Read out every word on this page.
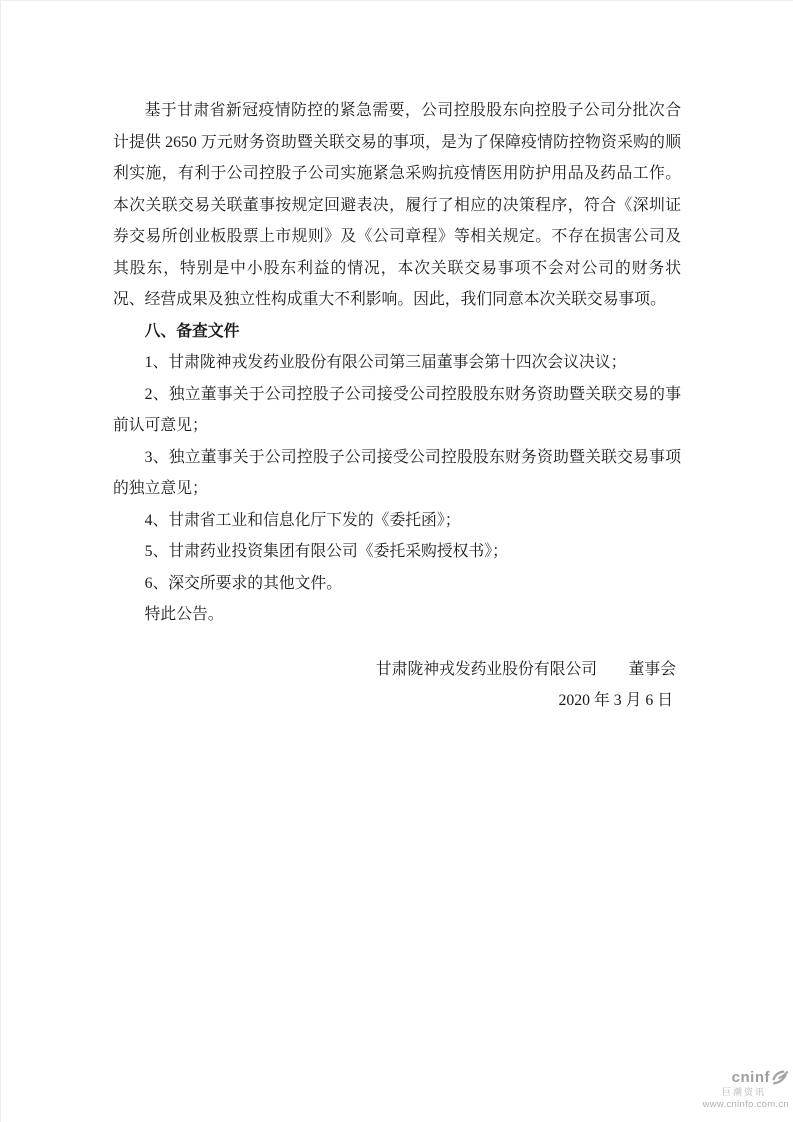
基于甘肃省新冠疫情防控的紧急需要，公司控股股东向控股子公司分批次合计提供 2650 万元财务资助暨关联交易的事项，是为了保障疫情防控物资采购的顺利实施，有利于公司控股子公司实施紧急采购抗疫情医用防护用品及药品工作。本次关联交易关联董事按规定回避表决，履行了相应的决策程序，符合《深圳证券交易所创业板股票上市规则》及《公司章程》等相关规定。不存在损害公司及其股东，特别是中小股东利益的情况，本次关联交易事项不会对公司的财务状况、经营成果及独立性构成重大不利影响。因此，我们同意本次关联交易事项。

八、备查文件

1、甘肃陇神戎发药业股份有限公司第三届董事会第十四次会议决议；

2、独立董事关于公司控股子公司接受公司控股股东财务资助暨关联交易的事前认可意见；

3、独立董事关于公司控股子公司接受公司控股股东财务资助暨关联交易事项的独立意见；

4、甘肃省工业和信息化厅下发的《委托函》；

5、甘肃药业投资集团有限公司《委托采购授权书》；

6、深交所要求的其他文件。

特此公告。

甘肃陇神戎发药业股份有限公司　　董事会

2020 年 3 月 6 日

cninf
巨潮资讯
www.cninfo.com.cn
